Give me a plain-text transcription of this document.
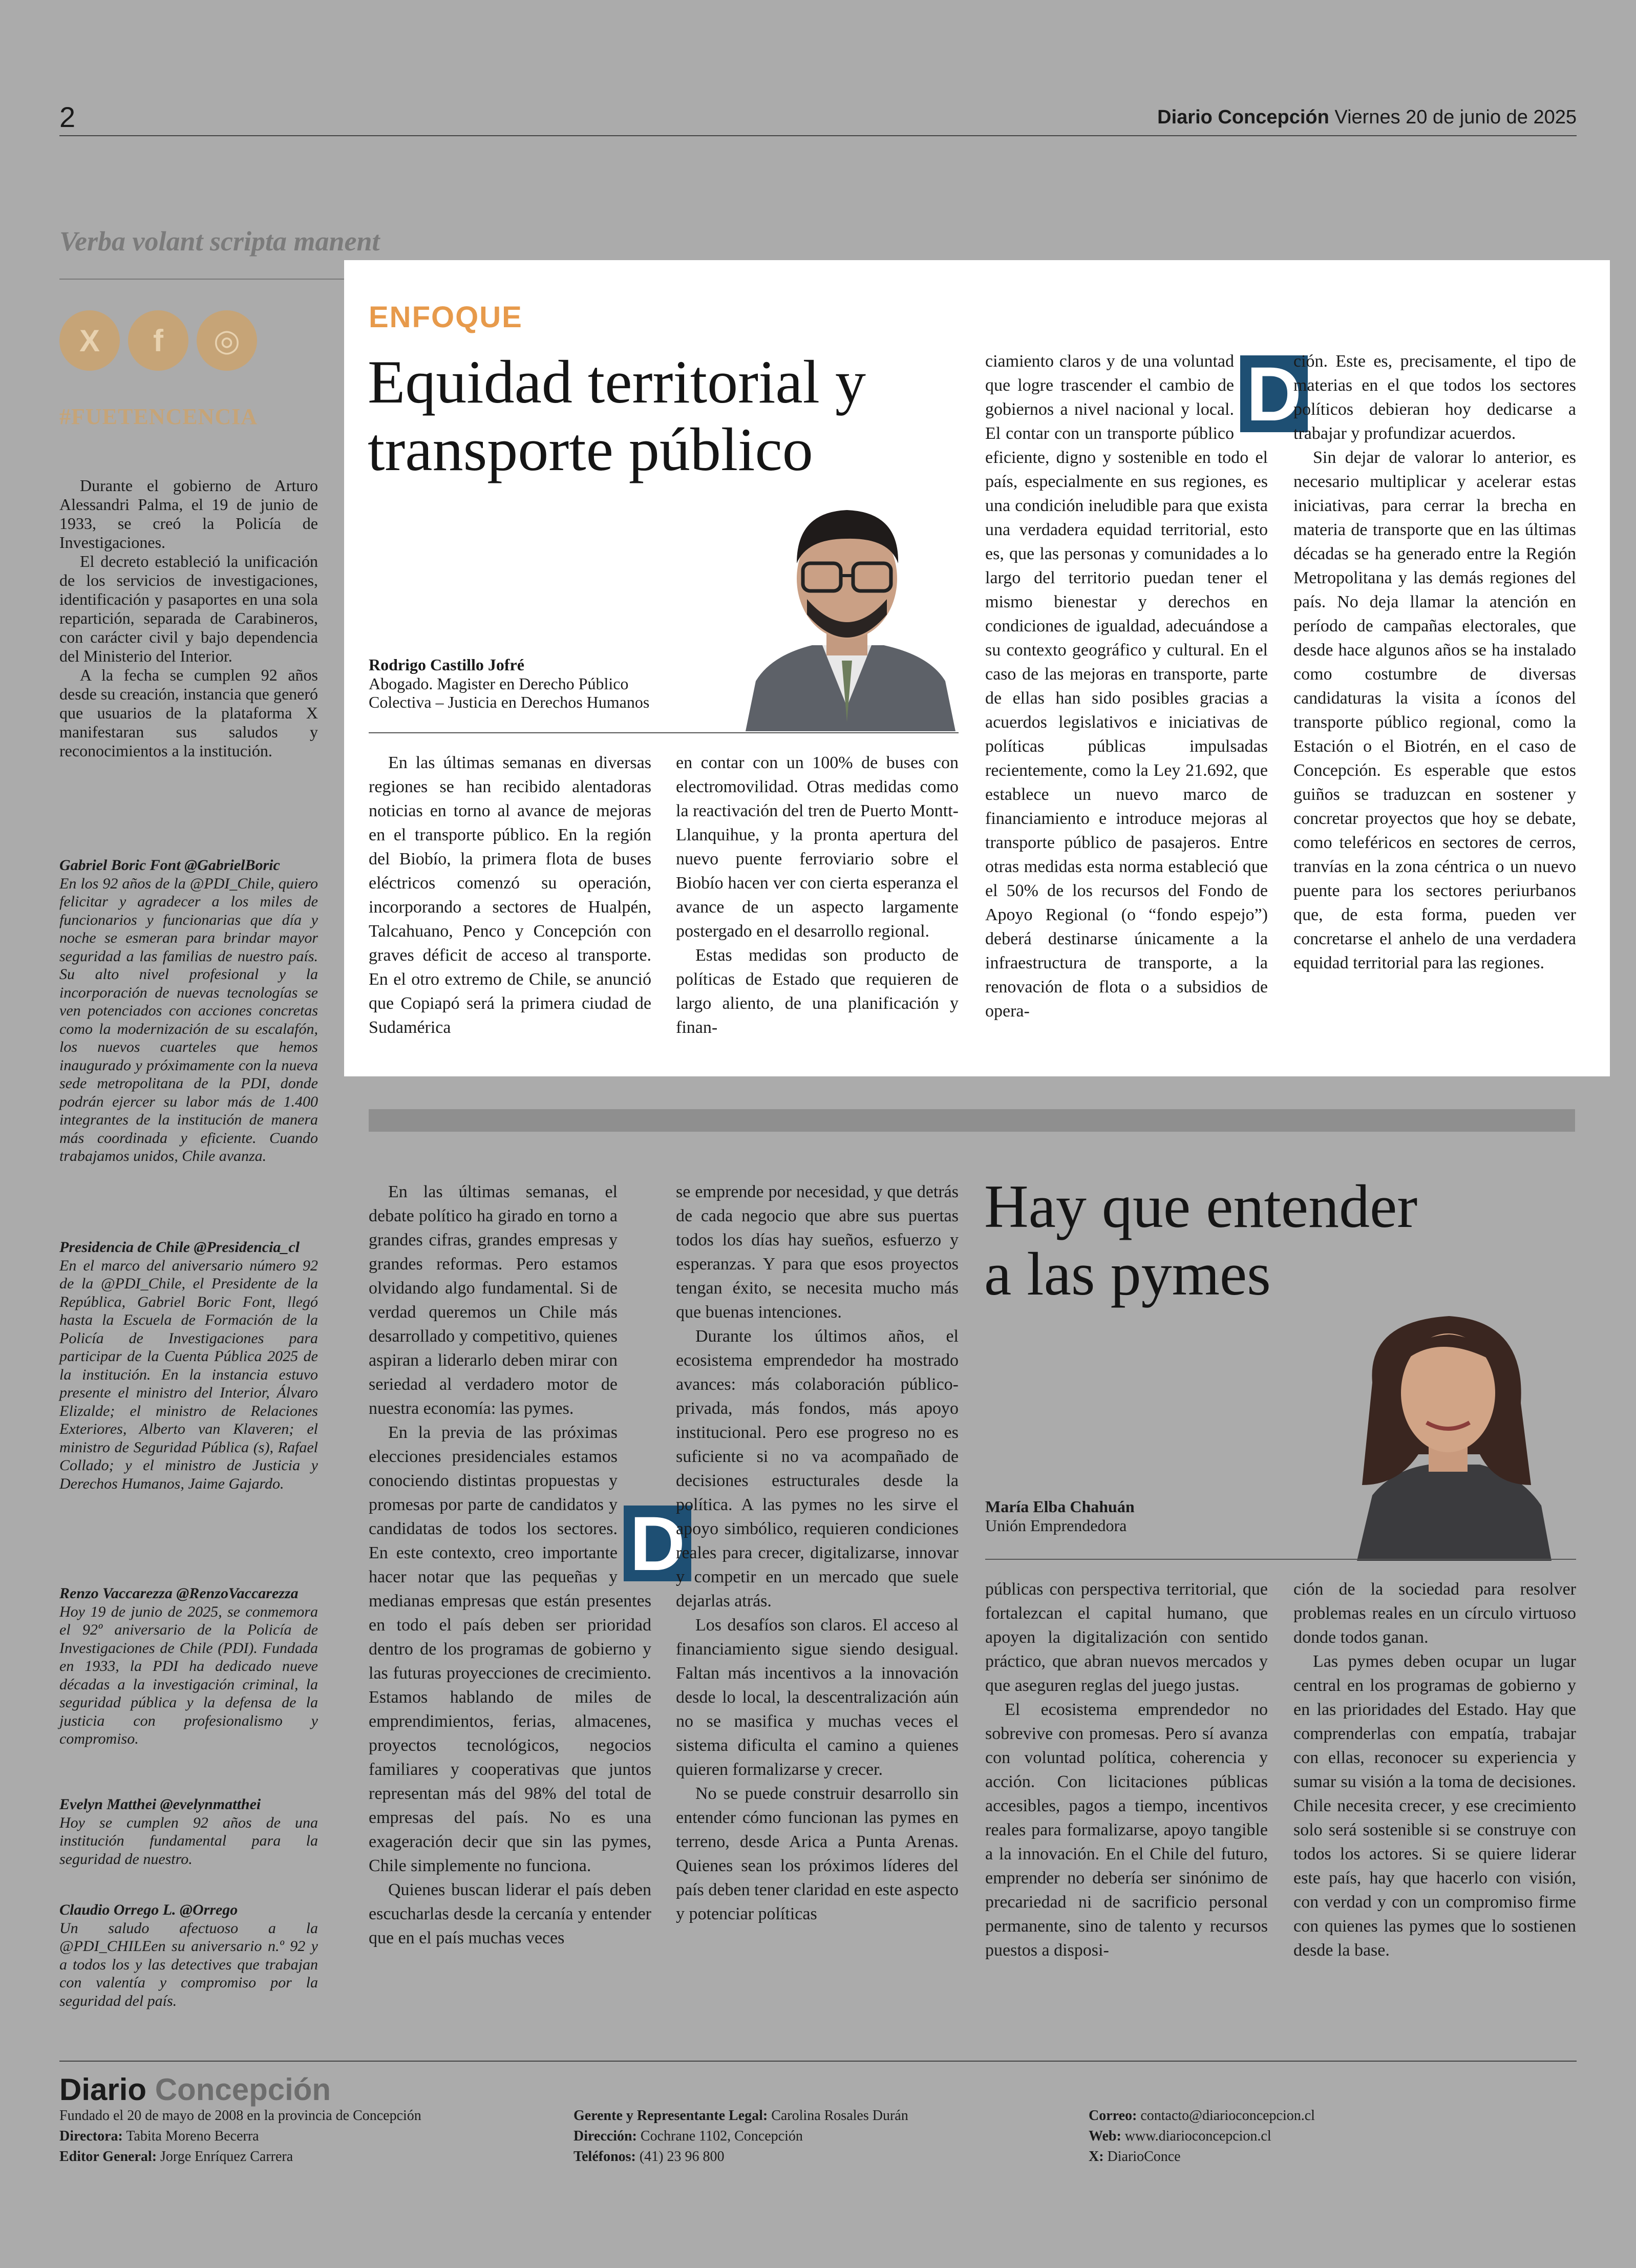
2	Diario Concepción Viernes 20 de junio de 2025
Verba volant scripta manent
X	f	◎
#FUETENCENCIA

Durante el gobierno de Arturo Alessandri Palma, el 19 de junio de 1933, se creó la Policía de Investigaciones.

El decreto estableció la unificación de los servicios de investigaciones, identificación y pasaportes en una sola repartición, separada de Carabineros, con carácter civil y bajo dependencia del Ministerio del Interior.

A la fecha se cumplen 92 años desde su creación, instancia que generó que usuarios de la plataforma X manifestaran sus saludos y reconocimientos a la institución.

Gabriel Boric Font @GabrielBoric
En los 92 años de la @PDI_Chile, quiero felicitar y agradecer a los miles de funcionarios y funcionarias que día y noche se esmeran para brindar mayor seguridad a las familias de nuestro país. Su alto nivel profesional y la incorporación de nuevas tecnologías se ven potenciados con acciones concretas como la modernización de su escalafón, los nuevos cuarteles que hemos inaugurado y próximamente con la nueva sede metropolitana de la PDI, donde podrán ejercer su labor más de 1.400 integrantes de la institución de manera más coordinada y eficiente. Cuando trabajamos unidos, Chile avanza.
Presidencia de Chile @Presidencia_cl
En el marco del aniversario número 92 de la @PDI_Chile, el Presidente de la República, Gabriel Boric Font, llegó hasta la Escuela de Formación de la Policía de Investigaciones para participar de la Cuenta Pública 2025 de la institución. En la instancia estuvo presente el ministro del Interior, Álvaro Elizalde; el ministro de Relaciones Exteriores, Alberto van Klaveren; el ministro de Seguridad Pública (s), Rafael Collado; y el ministro de Justicia y Derechos Humanos, Jaime Gajardo.
Renzo Vaccarezza @RenzoVaccarezza
Hoy 19 de junio de 2025, se conmemora el 92º aniversario de la Policía de Investigaciones de Chile (PDI). Fundada en 1933, la PDI ha dedicado nueve décadas a la investigación criminal, la seguridad pública y la defensa de la justicia con profesionalismo y compromiso.
Evelyn Matthei @evelynmatthei
Hoy se cumplen 92 años de una institución fundamental para la seguridad de nuestro.
Claudio Orrego L. @Orrego
Un saludo afectuoso a la @PDI_CHILEen su aniversario n.º 92 y a todos los y las detectives que trabajan con valentía y compromiso por la seguridad del país.
ENFOQUE
Equidad territorial y
transporte público
Rodrigo Castillo Jofré
Abogado. Magister en Derecho Público
Colectiva – Justicia en Derechos Humanos

En las últimas semanas en diversas regiones se han recibido alentadoras noticias en torno al avance de mejoras en el transporte público. En la región del Biobío, la primera flota de buses eléctricos comenzó su operación, incorporando a sectores de Hualpén, Talcahuano, Penco y Concepción con graves déficit de acceso al transporte. En el otro extremo de Chile, se anunció que Copiapó será la primera ciudad de Sudamérica

en contar con un 100% de buses con electromovilidad. Otras medidas como la reactivación del tren de Puerto Montt-Llanquihue, y la pronta apertura del nuevo puente ferroviario sobre el Biobío hacen ver con cierta esperanza el avance de un aspecto largamente postergado en el desarrollo regional.

Estas medidas son producto de políticas de Estado que requieren de largo aliento, de una planificación y finan-

D

ciamiento claros y de una voluntad que logre trascender el cambio de gobiernos a nivel nacional y local. El contar con un transporte público eficiente, digno y sostenible en todo el país, especialmente en sus regiones, es una condición ineludible para que exista una verdadera equidad territorial, esto es, que las personas y comunidades a lo largo del territorio puedan tener el mismo bienestar y derechos en condiciones de igualdad, adecuándose a su contexto geográfico y cultural. En el caso de las mejoras en transporte, parte de ellas han sido posibles gracias a acuerdos legislativos e iniciativas de políticas públicas impulsadas recientemente, como la Ley 21.692, que establece un nuevo marco de financiamiento e introduce mejoras al transporte público de pasajeros. Entre otras medidas esta norma estableció que el 50% de los recursos del Fondo de Apoyo Regional (o “fondo espejo”) deberá destinarse únicamente a la infraestructura de transporte, a la renovación de flota o a subsidios de opera-

ción. Este es, precisamente, el tipo de materias en el que todos los sectores políticos debieran hoy dedicarse a trabajar y profundizar acuerdos.

Sin dejar de valorar lo anterior, es necesario multiplicar y acelerar estas iniciativas, para cerrar la brecha en materia de transporte que en las últimas décadas se ha generado entre la Región Metropolitana y las demás regiones del país. No deja llamar la atención en período de campañas electorales, que desde hace algunos años se ha instalado como costumbre de diversas candidaturas la visita a íconos del transporte público regional, como la Estación o el Biotrén, en el caso de Concepción. Es esperable que estos guiños se traduzcan en sostener y concretar proyectos que hoy se debate, como teleféricos en sectores de cerros, tranvías en la zona céntrica o un nuevo puente para los sectores periurbanos que, de esta forma, pueden ver concretarse el anhelo de una verdadera equidad territorial para las regiones.

D

En las últimas semanas, el debate político ha girado en torno a grandes cifras, grandes empresas y grandes reformas. Pero estamos olvidando algo fundamental. Si de verdad queremos un Chile más desarrollado y competitivo, quienes aspiran a liderarlo deben mirar con seriedad al verdadero motor de nuestra economía: las pymes.

En la previa de las próximas elecciones presidenciales estamos conociendo distintas propuestas y promesas por parte de candidatos y candidatas de todos los sectores. En este contexto, creo importante hacer notar que las pequeñas y medianas empresas que están presentes en todo el país deben ser prioridad dentro de los programas de gobierno y las futuras proyecciones de crecimiento. Estamos hablando de miles de emprendimientos, ferias, almacenes, proyectos tecnológicos, negocios familiares y cooperativas que juntos representan más del 98% del total de empresas del país. No es una exageración decir que sin las pymes, Chile simplemente no funciona.

Quienes buscan liderar el país deben escucharlas desde la cercanía y entender que en el país muchas veces

se emprende por necesidad, y que detrás de cada negocio que abre sus puertas todos los días hay sueños, esfuerzo y esperanzas. Y para que esos proyectos tengan éxito, se necesita mucho más que buenas intenciones.

Durante los últimos años, el ecosistema emprendedor ha mostrado avances: más colaboración público-privada, más fondos, más apoyo institucional. Pero ese progreso no es suficiente si no va acompañado de decisiones estructurales desde la política. A las pymes no les sirve el apoyo simbólico, requieren condiciones reales para crecer, digitalizarse, innovar y competir en un mercado que suele dejarlas atrás.

Los desafíos son claros. El acceso al financiamiento sigue siendo desigual. Faltan más incentivos a la innovación desde lo local, la descentralización aún no se masifica y muchas veces el sistema dificulta el camino a quienes quieren formalizarse y crecer.

No se puede construir desarrollo sin entender cómo funcionan las pymes en terreno, desde Arica a Punta Arenas. Quienes sean los próximos líderes del país deben tener claridad en este aspecto y potenciar políticas

Hay que entender
a las pymes
María Elba Chahuán
Unión Emprendedora

públicas con perspectiva territorial, que fortalezcan el capital humano, que apoyen la digitalización con sentido práctico, que abran nuevos mercados y que aseguren reglas del juego justas.

El ecosistema emprendedor no sobrevive con promesas. Pero sí avanza con voluntad política, coherencia y acción. Con licitaciones públicas accesibles, pagos a tiempo, incentivos reales para formalizarse, apoyo tangible a la innovación. En el Chile del futuro, emprender no debería ser sinónimo de precariedad ni de sacrificio personal permanente, sino de talento y recursos puestos a disposi-

ción de la sociedad para resolver problemas reales en un círculo virtuoso donde todos ganan.

Las pymes deben ocupar un lugar central en los programas de gobierno y en las prioridades del Estado. Hay que comprenderlas con empatía, trabajar con ellas, reconocer su experiencia y sumar su visión a la toma de decisiones. Chile necesita crecer, y ese crecimiento solo será sostenible si se construye con todos los actores. Si se quiere liderar este país, hay que hacerlo con visión, con verdad y con un compromiso firme con quienes las pymes que lo sostienen desde la base.

Diario Concepción
Fundado el 20 de mayo de 2008 en la provincia de Concepción
Directora: Tabita Moreno Becerra
Editor General: Jorge Enríquez Carrera
Gerente y Representante Legal: Carolina Rosales Durán
Dirección: Cochrane 1102, Concepción
Teléfonos: (41) 23 96 800
Correo: contacto@diarioconcepcion.cl
Web: www.diarioconcepcion.cl
X: DiarioConce
